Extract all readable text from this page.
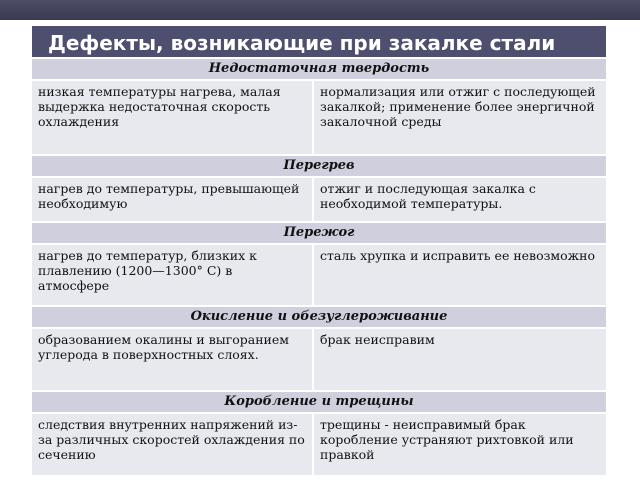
Дефекты, возникающие при закалке стали	
Недостаточная твердость	
низкая температуры нагрева, малая выдержка недостаточная скорость охлаждения	нормализация или отжиг с последующей закалкой; применение более энергичной закалочной среды
Перегрев	
нагрев до температуры, превышающей необходимую	отжиг и последующая закалка с необходимой температуры.
Пережог	
нагрев до температур, близких к плавлению (1200—1300° С) в атмосфере	сталь хрупка и исправить ее невозможно
Окисление и обезуглероживание	
образованием окалины и выгоранием углерода в поверхностных слоях.	брак неисправим
Коробление и трещины	
следствия внутренних напряжений из-за различных скоростей охлаждения по сечению	трещины - неисправимый брак коробление устраняют рихтовкой или правкой
